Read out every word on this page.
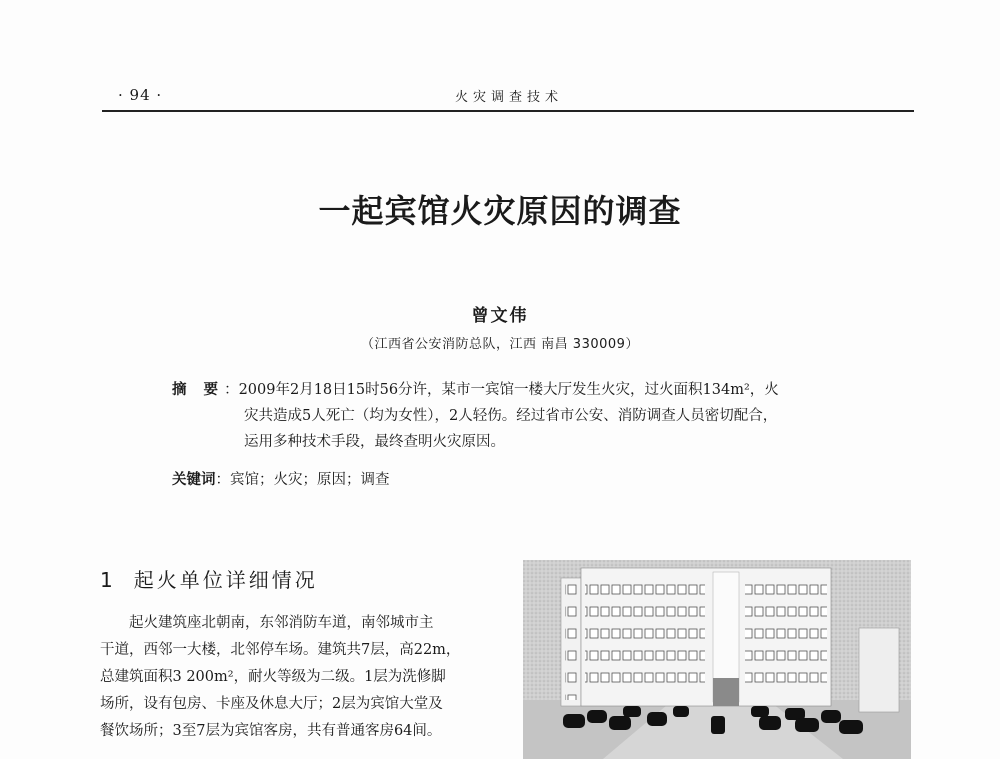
· 94 ·	火灾调查技术
一起宾馆火灾原因的调查
曾文伟
（江西省公安消防总队，江西 南昌 330009）
摘 要：2009年2月18日15时56分许，某市一宾馆一楼大厅发生火灾，过火面积134m²，火
灾共造成5人死亡（均为女性），2人轻伤。经过省市公安、消防调查人员密切配合，
运用多种技术手段，最终查明火灾原因。
关键词：宾馆；火灾；原因；调查
1 起火单位详细情况

起火建筑座北朝南，东邻消防车道，南邻城市主

干道，西邻一大楼，北邻停车场。建筑共7层，高22m，
总建筑面积3 200m²，耐火等级为二级。1层为洗修脚
场所，设有包房、卡座及休息大厅；2层为宾馆大堂及
餐饮场所；3至7层为宾馆客房，共有普通客房64间。
